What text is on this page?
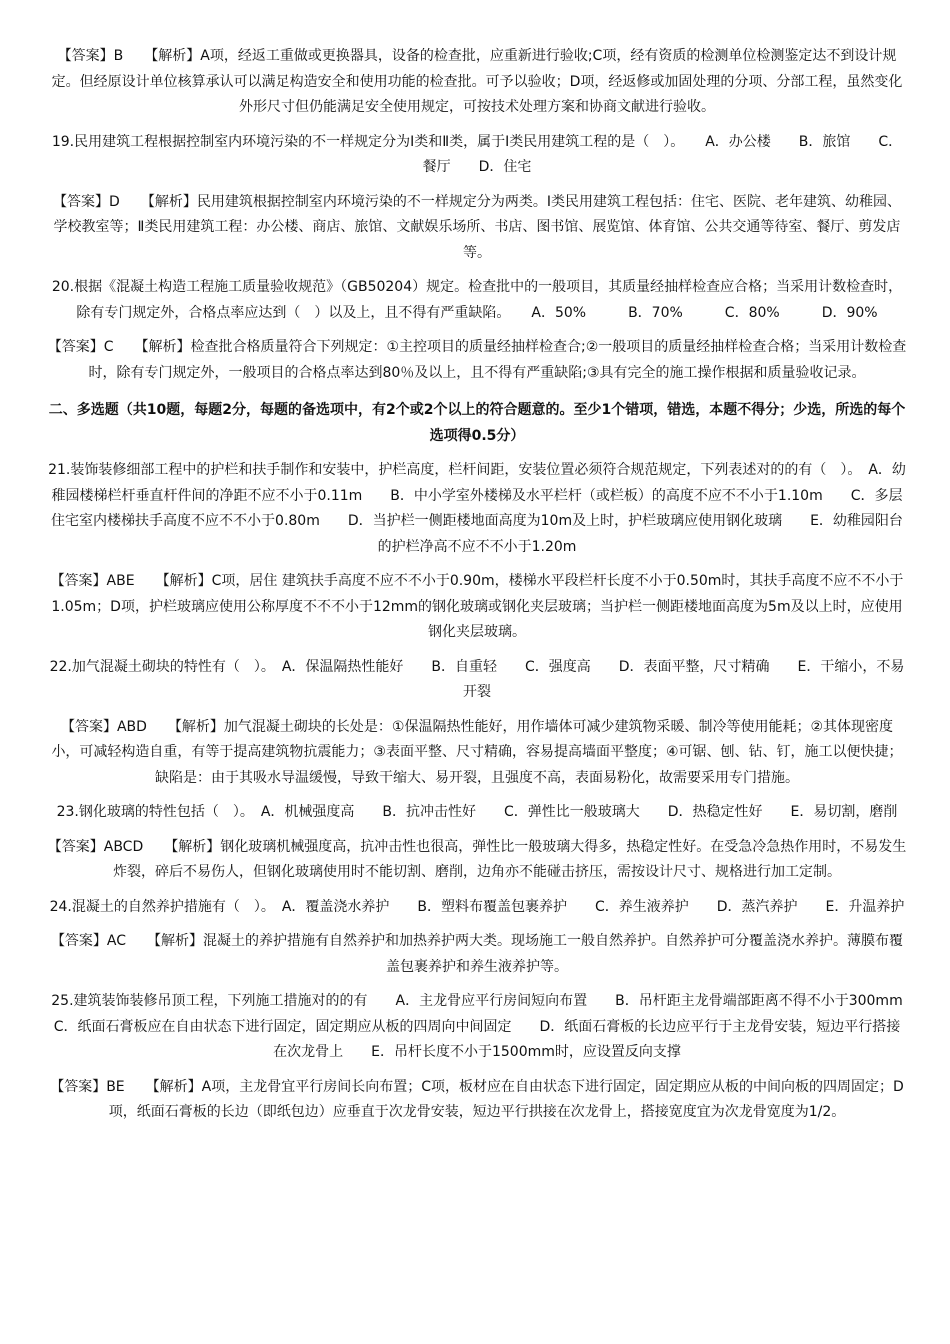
【答案】B　　【解析】A项，经返工重做或更换器具，设备的检查批，应重新进行验收;C项，经有资质的检测单位检测鉴定达不到设计规定。但经原设计单位核算承认可以满足构造安全和使用功能的检查批。可予以验收；D项，经返修或加固处理的分项、分部工程，虽然变化外形尺寸但仍能满足安全使用规定，可按技术处理方案和协商文献进行验收。

19.民用建筑工程根据控制室内环境污染的不一样规定分为Ⅰ类和Ⅱ类，属于Ⅰ类民用建筑工程的是（　）。　　A．办公楼　　B．旅馆　　C．餐厅　　D．住宅

【答案】D　　【解析】民用建筑根据控制室内环境污染的不一样规定分为两类。Ⅰ类民用建筑工程包括：住宅、医院、老年建筑、幼稚园、学校教室等；Ⅱ类民用建筑工程：办公楼、商店、旅馆、文献娱乐场所、书店、图书馆、展览馆、体育馆、公共交通等待室、餐厅、剪发店等。

20.根据《混凝土构造工程施工质量验收规范》（GB50204）规定。检查批中的一般项目，其质量经抽样检查应合格；当采用计数检查时，除有专门规定外，合格点率应达到（　）以及上，且不得有严重缺陷。　　A．50%　　　B．70%　　　C．80%　　　D．90%

【答案】C　　【解析】检查批合格质量符合下列规定：①主控项目的质量经抽样检查合;②一般项目的质量经抽样检查合格；当采用计数检查时，除有专门规定外，一般项目的合格点率达到80％及以上，且不得有严重缺陷;③具有完全的施工操作根据和质量验收记录。

二、多选题（共10题，每题2分，每题的备选项中，有2个或2个以上的符合题意的。至少1个错项，错选，本题不得分；少选，所选的每个选项得0.5分）

21.装饰装修细部工程中的护栏和扶手制作和安装中，护栏高度，栏杆间距，安装位置必须符合规范规定，下列表述对的的有（　）。　A．幼稚园楼梯栏杆垂直杆件间的净距不应不小于0.11m　　B．中小学室外楼梯及水平栏杆（或栏板）的高度不应不不小于1.10m　　C．多层住宅室内楼梯扶手高度不应不不小于0.80m　　D．当护栏一侧距楼地面高度为10m及上时，护栏玻璃应使用钢化玻璃　　E．幼稚园阳台的护栏净高不应不不小于1.20m

【答案】ABE　　【解析】C项，居住 建筑扶手高度不应不不小于0.90m，楼梯水平段栏杆长度不小于0.50m时，其扶手高度不应不不小于1.05m；D项，护栏玻璃应使用公称厚度不不不小于12mm的钢化玻璃或钢化夹层玻璃；当护栏一侧距楼地面高度为5m及以上时，应使用钢化夹层玻璃。

22.加气混凝土砌块的特性有（　）。　A．保温隔热性能好　　B．自重轻　　C．强度高　　D．表面平整，尺寸精确　　E．干缩小，不易开裂

【答案】ABD　　【解析】加气混凝土砌块的长处是：①保温隔热性能好，用作墙体可减少建筑物采暖、制冷等使用能耗；②其体现密度小，可减轻构造自重，有等于提高建筑物抗震能力；③表面平整、尺寸精确，容易提高墙面平整度；④可锯、刨、钻、钉，施工以便快捷；缺陷是：由于其吸水导温缓慢，导致干缩大、易开裂，且强度不高，表面易粉化，故需要采用专门措施。

23.钢化玻璃的特性包括（　）。　A．机械强度高　　B．抗冲击性好　　C．弹性比一般玻璃大　　D．热稳定性好　　E．易切割，磨削

【答案】ABCD　　【解析】钢化玻璃机械强度高，抗冲击性也很高，弹性比一般玻璃大得多，热稳定性好。在受急冷急热作用时，不易发生炸裂，碎后不易伤人，但钢化玻璃使用时不能切割、磨削，边角亦不能碰击挤压，需按设计尺寸、规格进行加工定制。

24.混凝土的自然养护措施有（　）。　A．覆盖浇水养护　　B．塑料布覆盖包裹养护　　C．养生液养护　　D．蒸汽养护　　E．升温养护

【答案】AC　　【解析】混凝土的养护措施有自然养护和加热养护两大类。现场施工一般自然养护。自然养护可分覆盖浇水养护。薄膜布覆盖包裹养护和养生液养护等。

25.建筑装饰装修吊顶工程，下列施工措施对的的有　　A．主龙骨应平行房间短向布置　　B．吊杆距主龙骨端部距离不得不小于300mm　　C．纸面石膏板应在自由状态下进行固定，固定期应从板的四周向中间固定　　D．纸面石膏板的长边应平行于主龙骨安装，短边平行搭接在次龙骨上　　E．吊杆长度不小于1500mm时，应设置反向支撑

【答案】BE　　【解析】A项，主龙骨宜平行房间长向布置；C项，板材应在自由状态下进行固定，固定期应从板的中间向板的四周固定；D项，纸面石膏板的长边（即纸包边）应垂直于次龙骨安装，短边平行拱接在次龙骨上，搭接宽度宜为次龙骨宽度为1/2。
